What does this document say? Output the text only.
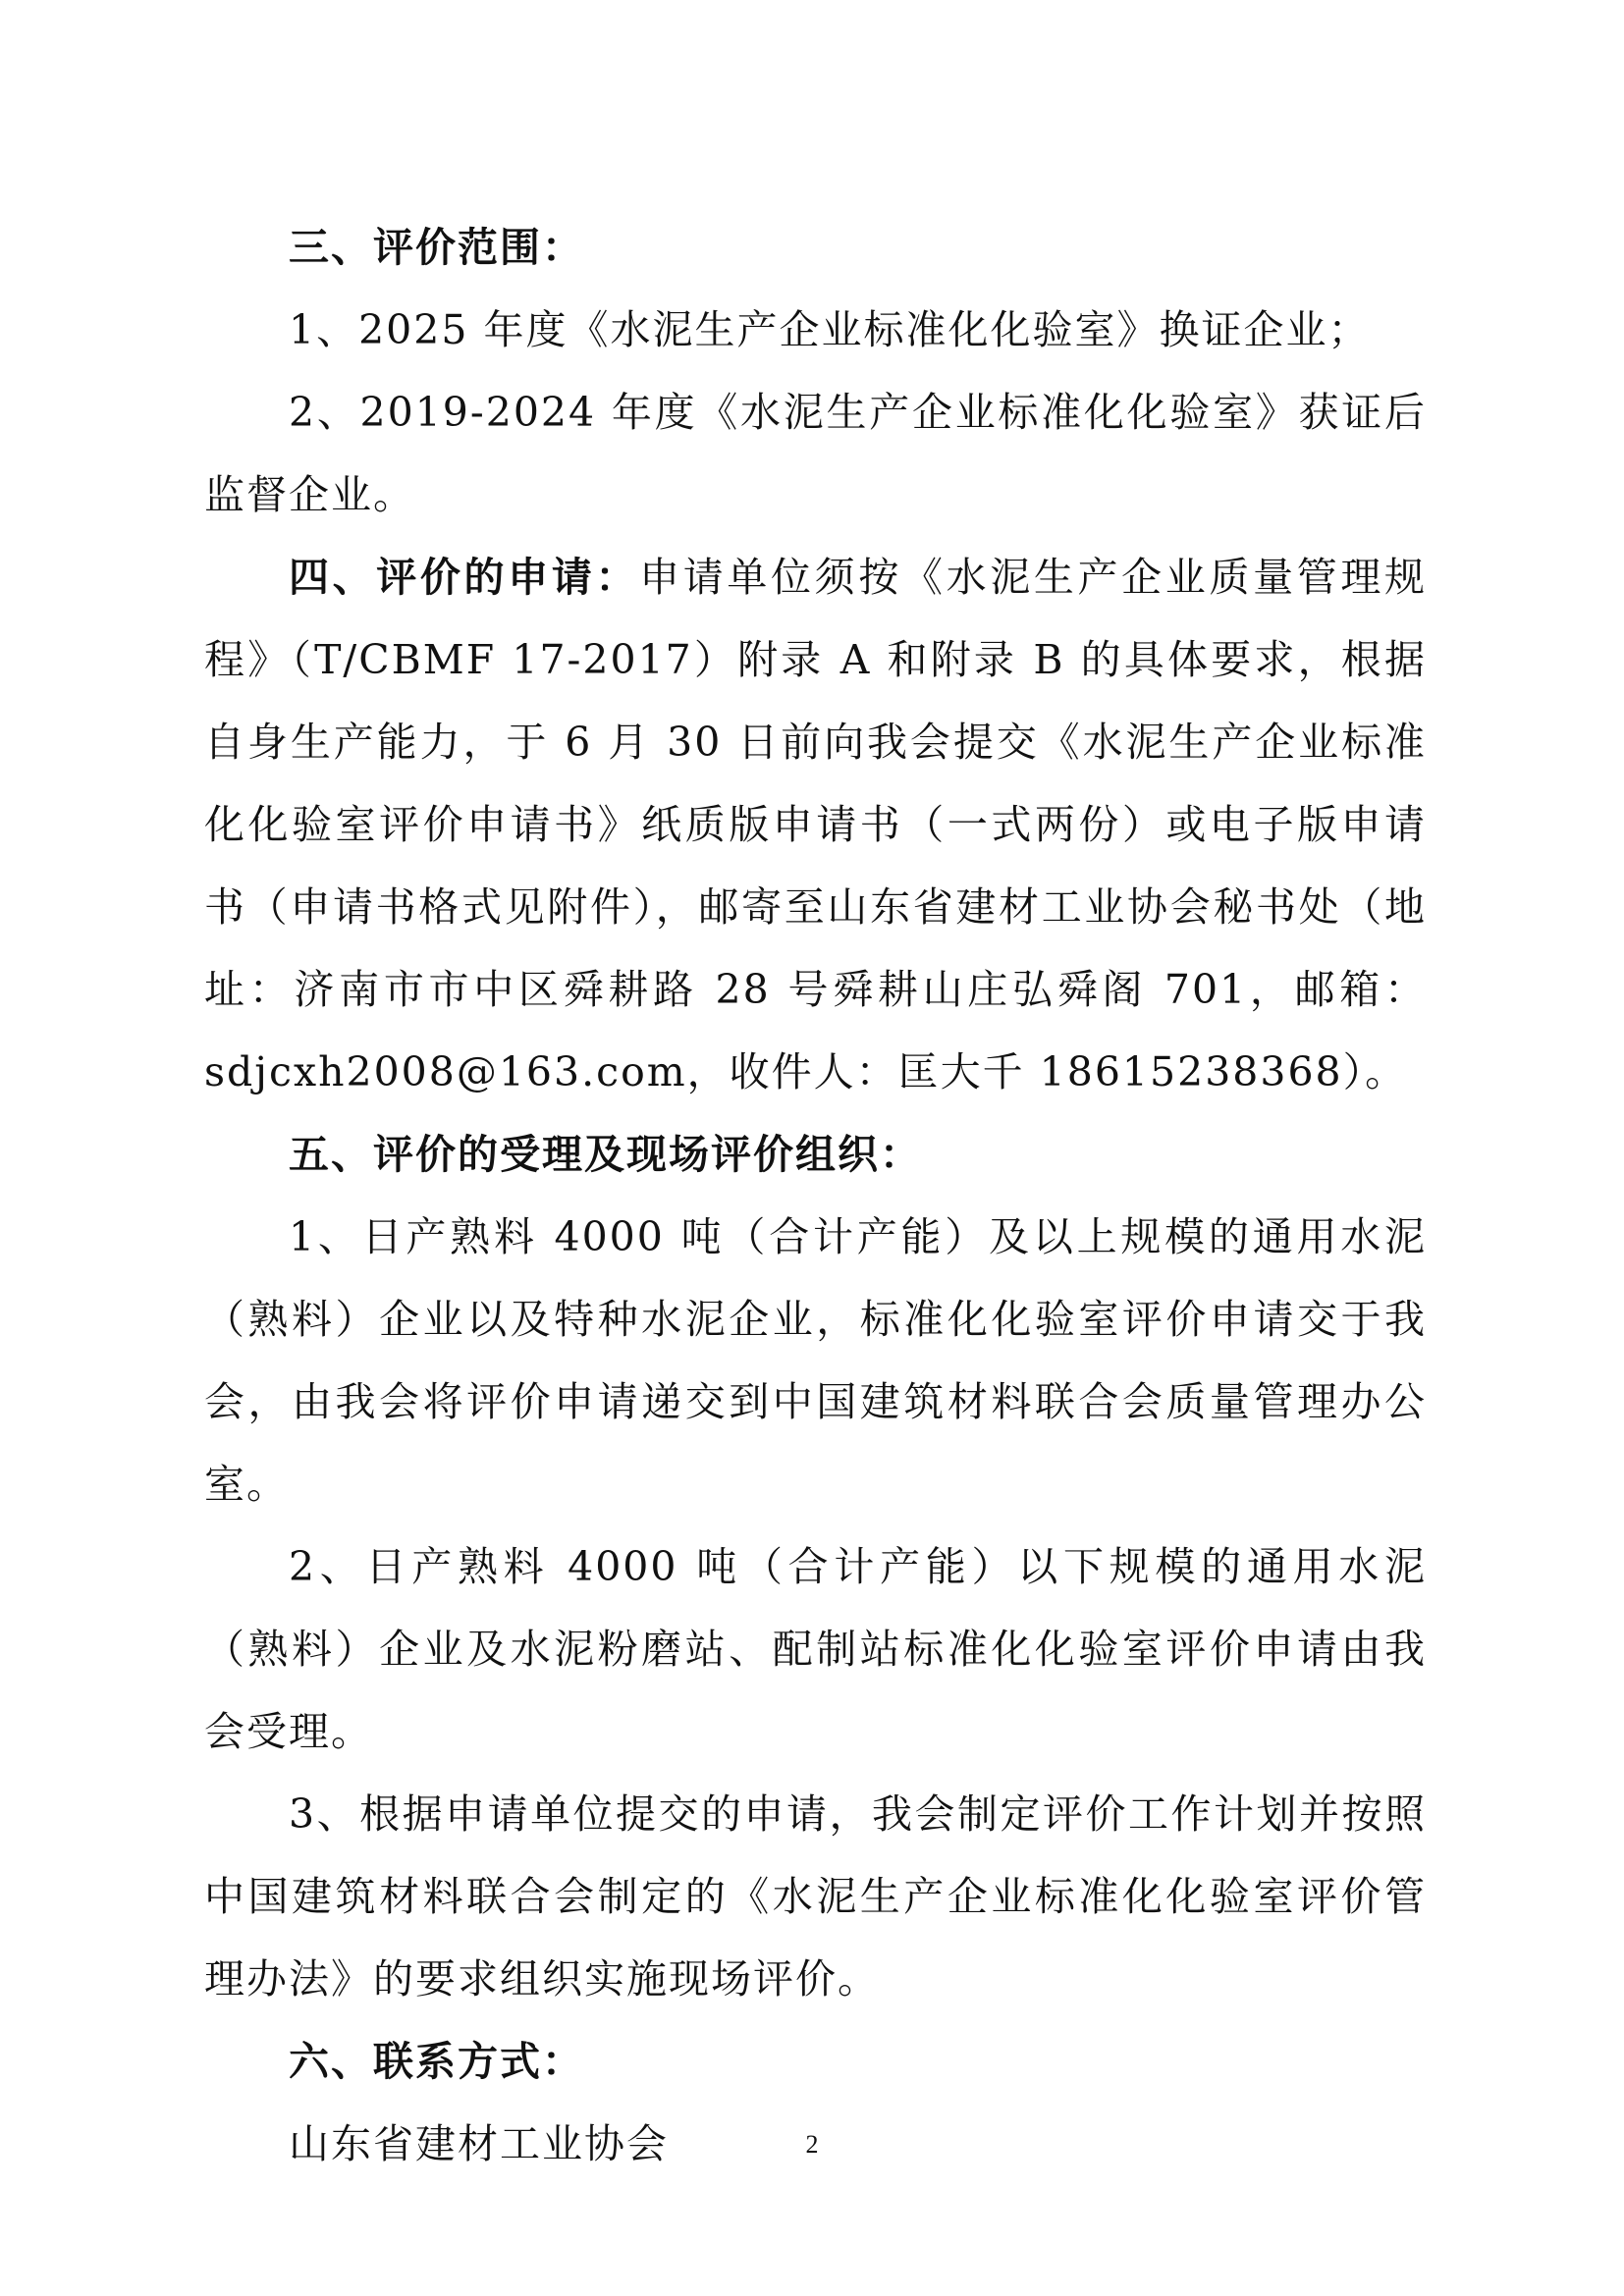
三、评价范围：

1、2025 年度《水泥生产企业标准化化验室》换证企业；

2、2019-2024 年度《水泥生产企业标准化化验室》获证后监督企业。

四、评价的申请：申请单位须按《水泥生产企业质量管理规程》（T/CBMF 17-2017）附录 A 和附录 B 的具体要求，根据自身生产能力，于 6 月 30 日前向我会提交《水泥生产企业标准化化验室评价申请书》纸质版申请书（一式两份）或电子版申请书（申请书格式见附件），邮寄至山东省建材工业协会秘书处（地址：济南市市中区舜耕路 28 号舜耕山庄弘舜阁 701，邮箱：sdjcxh2008@163.com，收件人：匡大千 18615238368）。

五、评价的受理及现场评价组织：

1、日产熟料 4000 吨（合计产能）及以上规模的通用水泥（熟料）企业以及特种水泥企业，标准化化验室评价申请交于我会，由我会将评价申请递交到中国建筑材料联合会质量管理办公室。

2、日产熟料 4000 吨（合计产能）以下规模的通用水泥（熟料）企业及水泥粉磨站、配制站标准化化验室评价申请由我会受理。

3、根据申请单位提交的申请，我会制定评价工作计划并按照中国建筑材料联合会制定的《水泥生产企业标准化化验室评价管理办法》的要求组织实施现场评价。

六、联系方式：

山东省建材工业协会	2
